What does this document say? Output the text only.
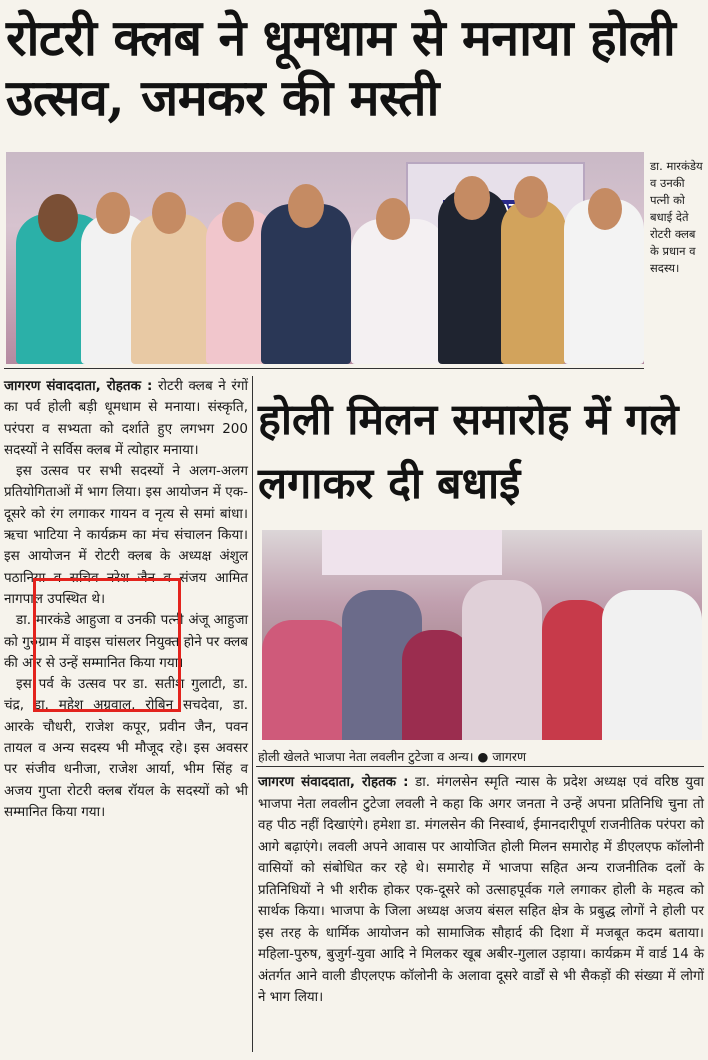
रोटरी क्लब ने धूमधाम से मनाया होली उत्सव, जमकर की मस्ती
डा. मारकंडेय व उनकी पत्नी को बधाई देते रोटरी क्लब के प्रधान व सदस्य।

जागरण संवाददाता, रोहतक : रोटरी क्लब ने रंगों का पर्व होली बड़ी धूमधाम से मनाया। संस्कृति, परंपरा व सभ्यता को दर्शाते हुए लगभग 200 सदस्यों ने सर्विस क्लब में त्योहार मनाया।

इस उत्सव पर सभी सदस्यों ने अलग-अलग प्रतियोगिताओं में भाग लिया। इस आयोजन में एक-दूसरे को रंग लगाकर गायन व नृत्य से समां बांधा। ऋचा भाटिया ने कार्यक्रम का मंच संचालन किया। इस आयोजन में रोटरी क्लब के अध्यक्ष अंशुल पठानिया व सचिव नरेश जैन व संजय आमित नागपाल उपस्थित थे।

डा. मारकंडे आहुजा व उनकी पत्नी अंजू आहुजा को गुरुग्राम में वाइस चांसलर नियुक्त होने पर क्लब की ओर से उन्हें सम्मानित किया गया।

इस पर्व के उत्सव पर डा. सतीश गुलाटी, डा. चंद्र, डा. महेश अग्रवाल, रोबिन सचदेवा, डा. आरके चौधरी, राजेश कपूर, प्रवीन जैन, पवन तायल व अन्य सदस्य भी मौजूद रहे। इस अवसर पर संजीव धनीजा, राजेश आर्या, भीम सिंह व अजय गुप्ता रोटरी क्लब रॉयल के सदस्यों को भी सम्मानित किया गया।

होली मिलन समारोह में गले लगाकर दी बधाई
होली खेलते भाजपा नेता लवलीन टुटेजा व अन्य। ● जागरण
जागरण संवाददाता, रोहतक : डा. मंगलसेन स्मृति न्यास के प्रदेश अध्यक्ष एवं वरिष्ठ युवा भाजपा नेता लवलीन टुटेजा लवली ने कहा कि अगर जनता ने उन्हें अपना प्रतिनिधि चुना तो वह पीठ नहीं दिखाएंगे। हमेशा डा. मंगलसेन की निस्वार्थ, ईमानदारीपूर्ण राजनीतिक परंपरा को आगे बढ़ाएंगे। लवली अपने आवास पर आयोजित होली मिलन समारोह में डीएलएफ कॉलोनी वासियों को संबोधित कर रहे थे। समारोह में भाजपा सहित अन्य राजनीतिक दलों के प्रतिनिधियों ने भी शरीक होकर एक-दूसरे को उत्साहपूर्वक गले लगाकर होली के महत्व को सार्थक किया। भाजपा के जिला अध्यक्ष अजय बंसल सहित क्षेत्र के प्रबुद्ध लोगों ने होली पर इस तरह के धार्मिक आयोजन को सामाजिक सौहार्द की दिशा में मजबूत कदम बताया। महिला-पुरुष, बुजुर्ग-युवा आदि ने मिलकर खूब अबीर-गुलाल उड़ाया। कार्यक्रम में वार्ड 14 के अंतर्गत आने वाली डीएलएफ कॉलोनी के अलावा दूसरे वार्डों से भी सैकड़ों की संख्या में लोगों ने भाग लिया।
